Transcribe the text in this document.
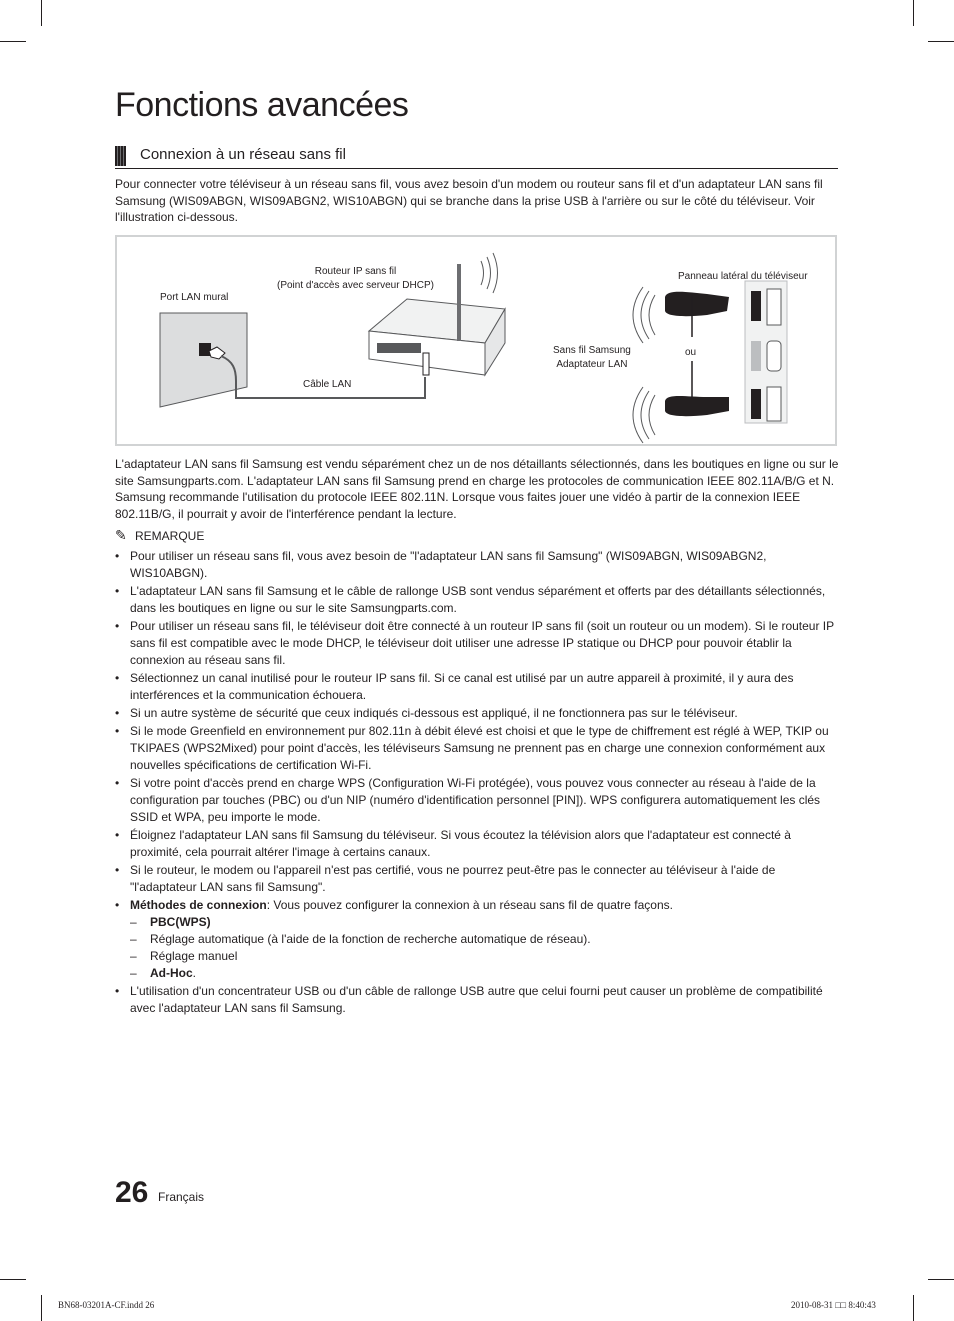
Fonctions avancées
Connexion à un réseau sans fil

Pour connecter votre téléviseur à un réseau sans fil, vous avez besoin d'un modem ou routeur sans fil et d'un adaptateur LAN sans fil Samsung (WIS09ABGN, WIS09ABGN2, WIS10ABGN) qui se branche dans la prise USB à l'arrière ou sur le côté du téléviseur. Voir l'illustration ci-dessous.

Port LAN mural
Routeur IP sans fil
(Point d'accès avec serveur DHCP)
Câble LAN
Panneau latéral du téléviseur
Sans fil Samsung
Adaptateur LAN
ou

L'adaptateur LAN sans fil Samsung est vendu séparément chez un de nos détaillants sélectionnés, dans les boutiques en ligne ou sur le site Samsungparts.com. L'adaptateur LAN sans fil Samsung prend en charge les protocoles de communication IEEE 802.11A/B/G et N. Samsung recommande l'utilisation du protocole IEEE 802.11N. Lorsque vous faites jouer une vidéo à partir de la connexion IEEE 802.11B/G, il pourrait y avoir de l'interférence pendant la lecture.

✎ REMARQUE
• Pour utiliser un réseau sans fil, vous avez besoin de "l'adaptateur LAN sans fil Samsung" (WIS09ABGN, WIS09ABGN2, WIS10ABGN).
• L'adaptateur LAN sans fil Samsung et le câble de rallonge USB sont vendus séparément et offerts par des détaillants sélectionnés, dans les boutiques en ligne ou sur le site Samsungparts.com.
• Pour utiliser un réseau sans fil, le téléviseur doit être connecté à un routeur IP sans fil (soit un routeur ou un modem). Si le routeur IP sans fil est compatible avec le mode DHCP, le téléviseur doit utiliser une adresse IP statique ou DHCP pour pouvoir établir la connexion au réseau sans fil.
• Sélectionnez un canal inutilisé pour le routeur IP sans fil. Si ce canal est utilisé par un autre appareil à proximité, il y aura des interférences et la communication échouera.
• Si un autre système de sécurité que ceux indiqués ci-dessous est appliqué, il ne fonctionnera pas sur le téléviseur.
• Si le mode Greenfield en environnement pur 802.11n à débit élevé est choisi et que le type de chiffrement est réglé à WEP, TKIP ou TKIPAES (WPS2Mixed) pour point d'accès, les téléviseurs Samsung ne prennent pas en charge une connexion conformément aux nouvelles spécifications de certification Wi-Fi.
• Si votre point d'accès prend en charge WPS (Configuration Wi-Fi protégée), vous pouvez vous connecter au réseau à l'aide de la configuration par touches (PBC) ou d'un NIP (numéro d'identification personnel [PIN]). WPS configurera automatiquement les clés SSID et WPA, peu importe le mode.
• Éloignez l'adaptateur LAN sans fil Samsung du téléviseur. Si vous écoutez la télévision alors que l'adaptateur est connecté à proximité, cela pourrait altérer l'image à certains canaux.
• Si le routeur, le modem ou l'appareil n'est pas certifié, vous ne pourrez peut-être pas le connecter au téléviseur à l'aide de "l'adaptateur LAN sans fil Samsung".
• Méthodes de connexion: Vous pouvez configurer la connexion à un réseau sans fil de quatre façons.
– PBC(WPS)
– Réglage automatique (à l'aide de la fonction de recherche automatique de réseau).
– Réglage manuel
– Ad-Hoc.
• L'utilisation d'un concentrateur USB ou d'un câble de rallonge USB autre que celui fourni peut causer un problème de compatibilité avec l'adaptateur LAN sans fil Samsung.
26 Français
BN68-03201A-CF.indd 26	2010-08-31 □□ 8:40:43
